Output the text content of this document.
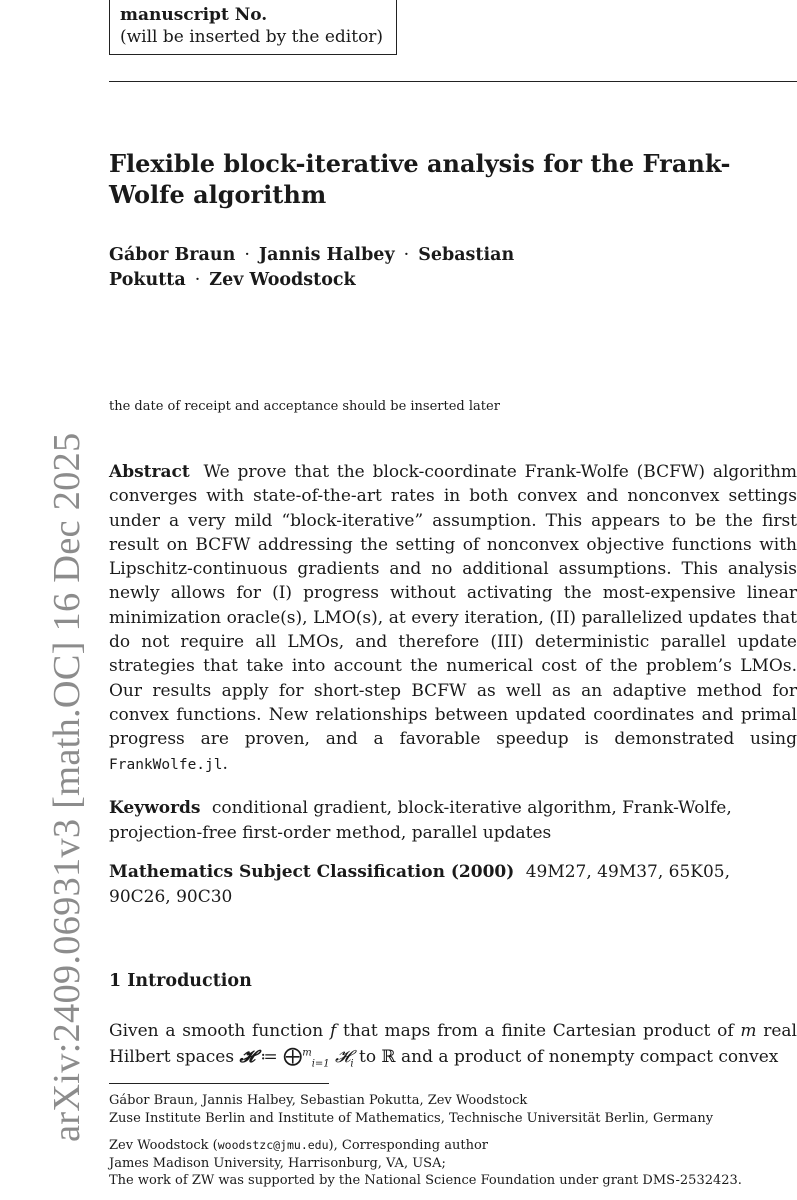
manuscript No.
(will be inserted by the editor)
arXiv:2409.06931v3 [math.OC] 16 Dec 2025
Flexible block-iterative analysis for the Frank-Wolfe algorithm
Gábor Braun · Jannis Halbey · Sebastian Pokutta · Zev Woodstock
the date of receipt and acceptance should be inserted later
Abstract We prove that the block-coordinate Frank-Wolfe (BCFW) algorithm converges with state-of-the-art rates in both convex and nonconvex settings under a very mild “block-iterative” assumption. This appears to be the first result on BCFW addressing the setting of nonconvex objective functions with Lipschitz-continuous gradients and no additional assumptions. This analysis newly allows for (I) progress without activating the most-expensive linear minimization oracle(s), LMO(s), at every iteration, (II) parallelized updates that do not require all LMOs, and therefore (III) deterministic parallel update strategies that take into account the numerical cost of the problem’s LMOs. Our results apply for short-step BCFW as well as an adaptive method for convex functions. New relationships between updated coordinates and primal progress are proven, and a favorable speedup is demonstrated using FrankWolfe.jl.
Keywords conditional gradient, block-iterative algorithm, Frank-Wolfe, projection-free first-order method, parallel updates
Mathematics Subject Classification (2000) 49M27, 49M37, 65K05, 90C26, 90C30
1 Introduction
Given a smooth function f that maps from a finite Cartesian product of m real Hilbert spaces 𝓗 ≔ ⨁$^m_{i=1}$ 𝓗$_i$ to ℝ and a product of nonempty compact convex
Gábor Braun, Jannis Halbey, Sebastian Pokutta, Zev Woodstock
Zuse Institute Berlin and Institute of Mathematics, Technische Universität Berlin, Germany
Zev Woodstock (woodstzc@jmu.edu), Corresponding author
James Madison University, Harrisonburg, VA, USA;
The work of ZW was supported by the National Science Foundation under grant DMS-2532423.
